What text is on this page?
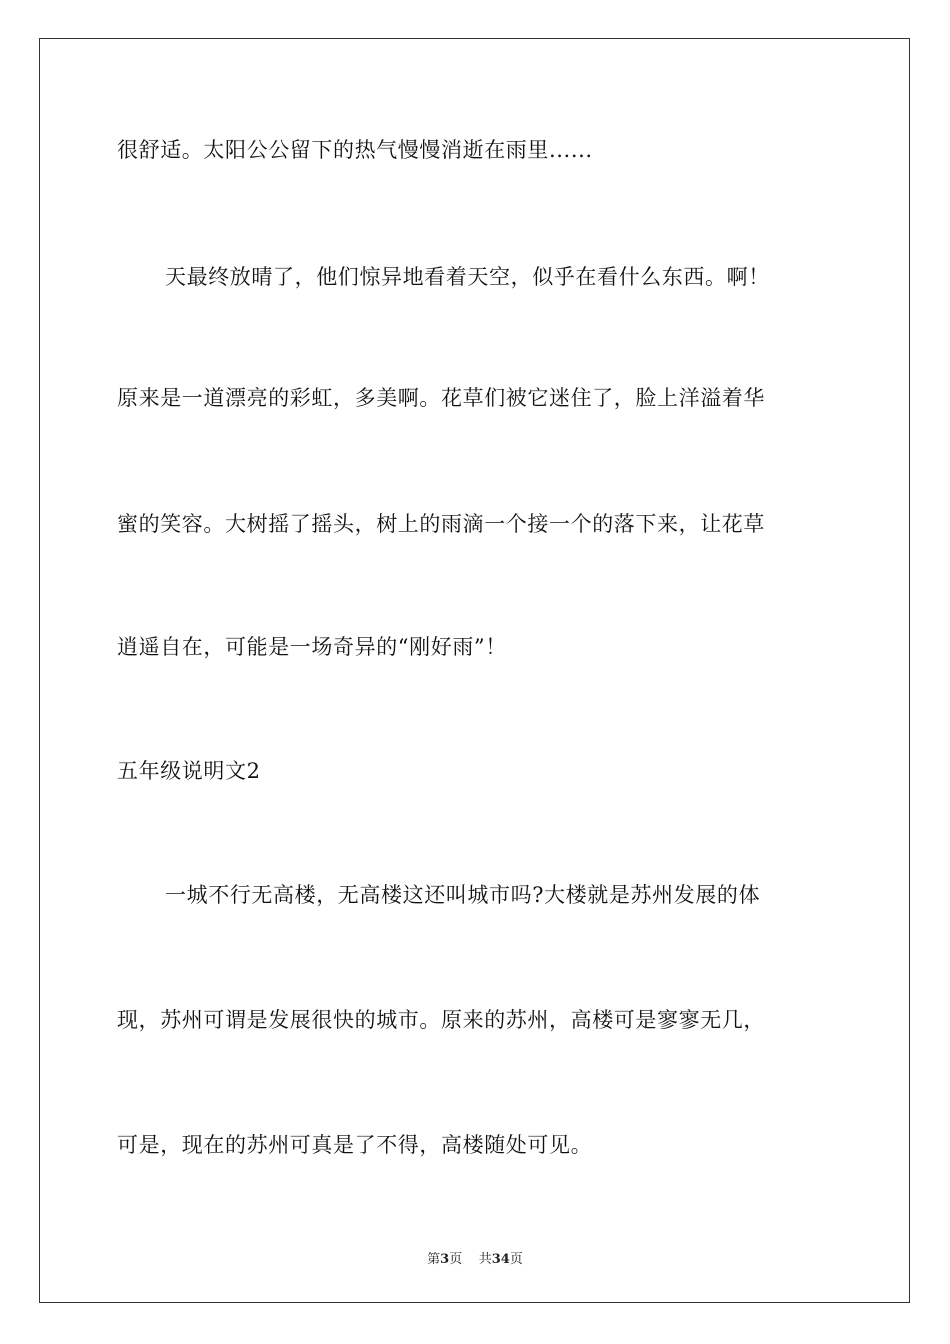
很舒适。太阳公公留下的热气慢慢消逝在雨里......
天最终放晴了，他们惊异地看着天空，似乎在看什么东西。啊！
原来是一道漂亮的彩虹，多美啊。花草们被它迷住了，脸上洋溢着华
蜜的笑容。大树摇了摇头，树上的雨滴一个接一个的落下来，让花草
逍遥自在，可能是一场奇异的“刚好雨”！
五年级说明文2
一城不行无高楼，无高楼这还叫城市吗?大楼就是苏州发展的体
现，苏州可谓是发展很快的城市。原来的苏州，高楼可是寥寥无几，
可是，现在的苏州可真是了不得，高楼随处可见。
第3页 共34页
